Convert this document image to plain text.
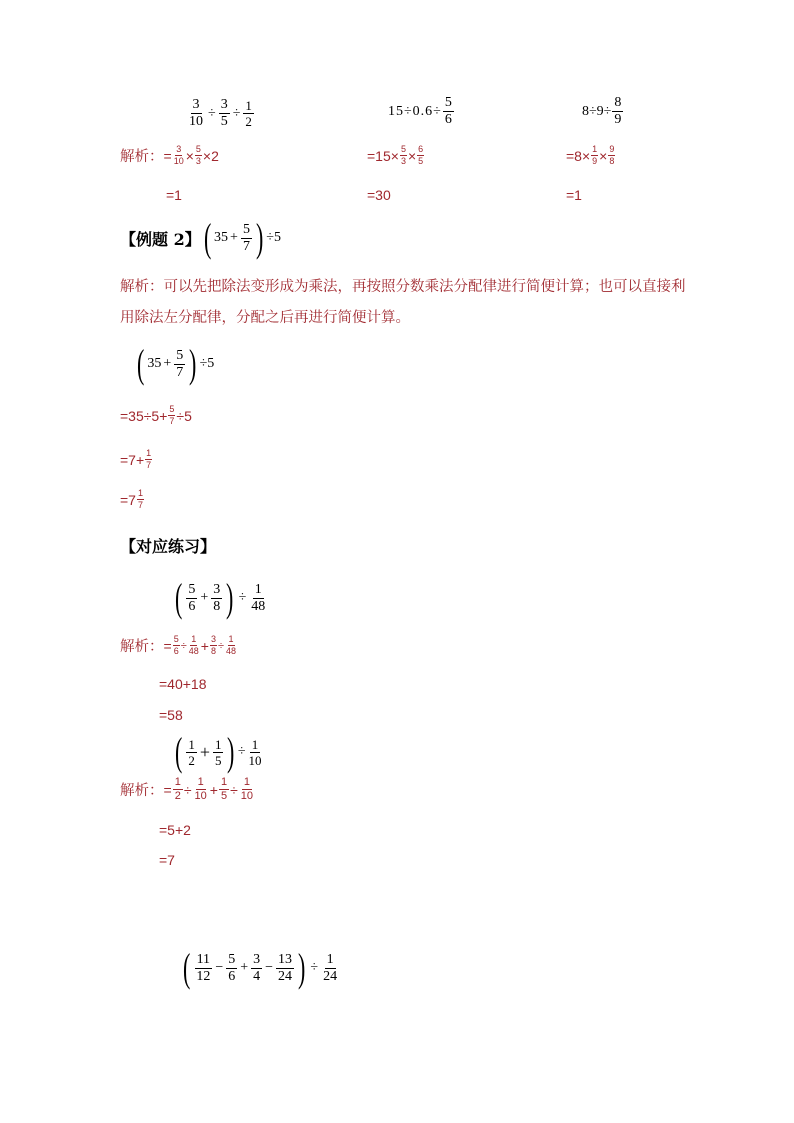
$\frac{3}{10} \div \frac{3}{5} \div \frac{1}{2}$	$15\div 0.6\div \frac{5}{6}$	$8\div 9\div \frac{8}{9}$
解析： = $\frac{3}{10} \times \frac{5}{3} \times 2$	$=15\times \frac{5}{3} \times \frac{6}{5}$	$=8\times \frac{1}{9} \times \frac{9}{8}$
=1	=30	=1
【例题 2】 ( $35 + \frac{5}{7}$ ) ÷5
解析：可以先把除法变形成为乘法，再按照分数乘法分配律进行简便计算；也可以直接利用除法左分配律，分配之后再进行简便计算。
( $35 + \frac{5}{7}$ ) ÷5
$=35\div 5+ \frac{5}{7} \div 5$
$=7+ \frac{1}{7}$
$=7 \frac{1}{7}$
【对应练习】
( $\frac{5}{6} + \frac{3}{8}$ ) ÷ $\frac{1}{48}$
解析： = $\frac{5}{6} \div \frac{1}{48} + \frac{3}{8} \div \frac{1}{48}$
=40+18
=58
( $\frac{1}{2} + \frac{1}{5}$ ) ÷ $\frac{1}{10}$
解析： = $\frac{1}{2} \div \frac{1}{10} + \frac{1}{5} \div \frac{1}{10}$
=5+2
=7
( $\frac{11}{12} - \frac{5}{6} + \frac{3}{4} - \frac{13}{24}$ ) ÷ $\frac{1}{24}$
